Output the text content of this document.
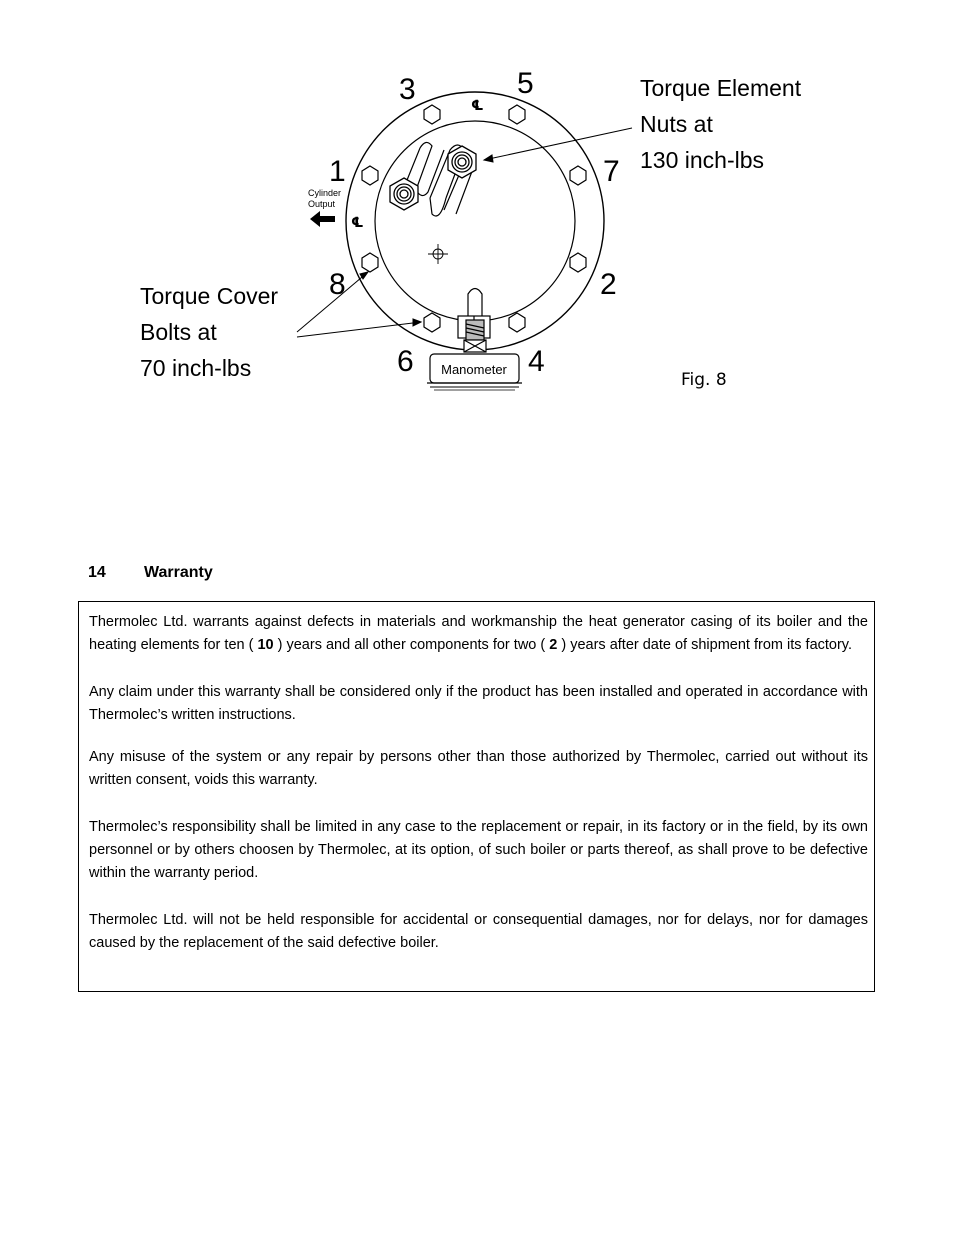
℄
℄
Cylinder
Output
Manometer
3	5
1	7
8	2
6	4
Torque Element
Nuts at
130 inch-lbs
Torque Cover
Bolts at
70 inch-lbs	Fig. 8
14 Warranty

Thermolec Ltd. warrants against defects in materials and workmanship the heat generator casing of its boiler and the heating elements for ten ( 10 ) years and all other components for two ( 2 ) years after date of shipment from its factory.

Any claim under this warranty shall be considered only if the product has been installed and operated in accordance with Thermolec’s written instructions.

Any misuse of the system or any repair by persons other than those authorized by Thermolec, carried out without its written consent, voids this warranty.

Thermolec’s responsibility shall be limited in any case to the replacement or repair, in its factory or in the field, by its own personnel or by others choosen by Thermolec, at its option, of such boiler or parts thereof, as shall prove to be defective within the warranty period.

Thermolec Ltd. will not be held responsible for accidental or consequential damages, nor for delays, nor for damages caused by the replacement of the said defective boiler.
